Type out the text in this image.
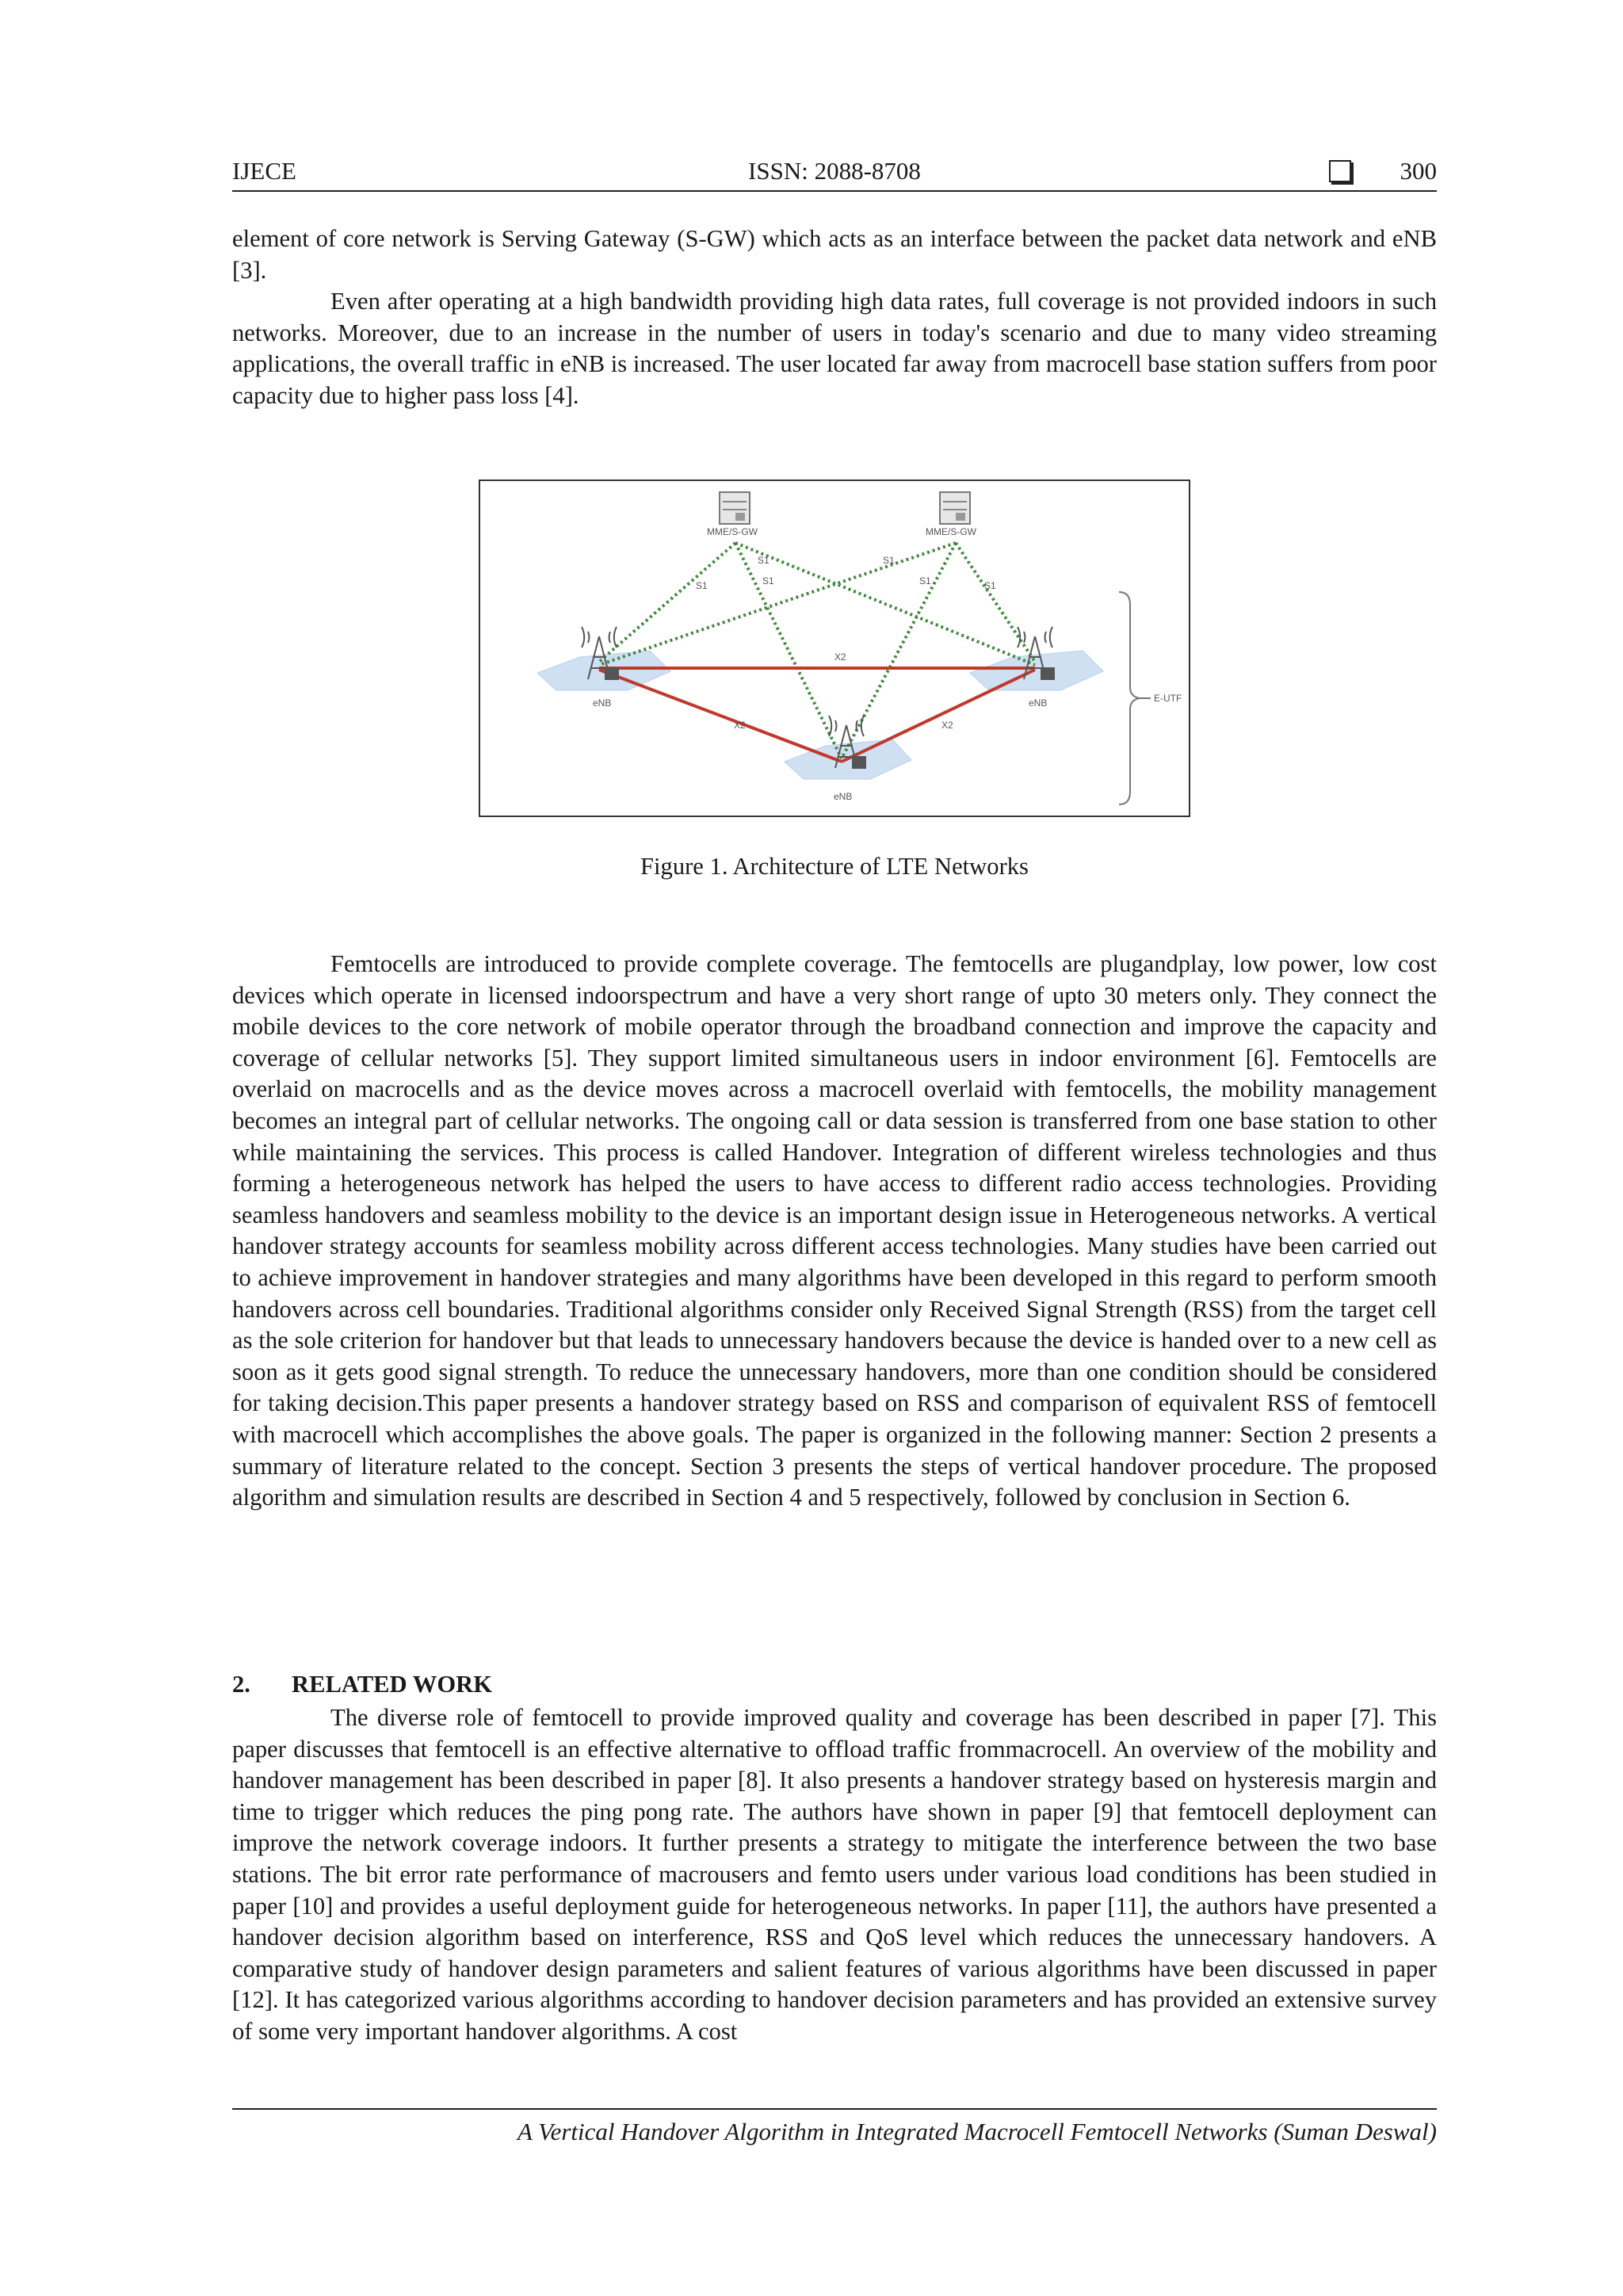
IJECE	ISSN: 2088-8708	300

element of core network is Serving Gateway (S-GW) which acts as an interface between the packet data network and eNB [3].

Even after operating at a high bandwidth providing high data rates, full coverage is not provided indoors in such networks. Moreover, due to an increase in the number of users in today's scenario and due to many video streaming applications, the overall traffic in eNB is increased. The user located far away from macrocell base station suffers from poor capacity due to higher pass loss [4].

MME/S-GW	MME/S-GW
S1
S1
S1
S1
S1	S1
X2
X2	X2
eNB	eNB
eNB
E-UTF
Figure 1. Architecture of LTE Networks

Femtocells are introduced to provide complete coverage. The femtocells are plugandplay, low power, low cost devices which operate in licensed indoorspectrum and have a very short range of upto 30 meters only. They connect the mobile devices to the core network of mobile operator through the broadband connection and improve the capacity and coverage of cellular networks [5]. They support limited simultaneous users in indoor environment [6]. Femtocells are overlaid on macrocells and as the device moves across a macrocell overlaid with femtocells, the mobility management becomes an integral part of cellular networks. The ongoing call or data session is transferred from one base station to other while maintaining the services. This process is called Handover. Integration of different wireless technologies and thus forming a heterogeneous network has helped the users to have access to different radio access technologies. Providing seamless handovers and seamless mobility to the device is an important design issue in Heterogeneous networks. A vertical handover strategy accounts for seamless mobility across different access technologies. Many studies have been carried out to achieve improvement in handover strategies and many algorithms have been developed in this regard to perform smooth handovers across cell boundaries. Traditional algorithms consider only Received Signal Strength (RSS) from the target cell as the sole criterion for handover but that leads to unnecessary handovers because the device is handed over to a new cell as soon as it gets good signal strength. To reduce the unnecessary handovers, more than one condition should be considered for taking decision.This paper presents a handover strategy based on RSS and comparison of equivalent RSS of femtocell with macrocell which accomplishes the above goals. The paper is organized in the following manner: Section 2 presents a summary of literature related to the concept. Section 3 presents the steps of vertical handover procedure. The proposed algorithm and simulation results are described in Section 4 and 5 respectively, followed by conclusion in Section 6.

2. RELATED WORK

The diverse role of femtocell to provide improved quality and coverage has been described in paper [7]. This paper discusses that femtocell is an effective alternative to offload traffic frommacrocell. An overview of the mobility and handover management has been described in paper [8]. It also presents a handover strategy based on hysteresis margin and time to trigger which reduces the ping pong rate. The authors have shown in paper [9] that femtocell deployment can improve the network coverage indoors. It further presents a strategy to mitigate the interference between the two base stations. The bit error rate performance of macrousers and femto users under various load conditions has been studied in paper [10] and provides a useful deployment guide for heterogeneous networks. In paper [11], the authors have presented a handover decision algorithm based on interference, RSS and QoS level which reduces the unnecessary handovers. A comparative study of handover design parameters and salient features of various algorithms have been discussed in paper [12]. It has categorized various algorithms according to handover decision parameters and has provided an extensive survey of some very important handover algorithms. A cost

A Vertical Handover Algorithm in Integrated Macrocell Femtocell Networks (Suman Deswal)
